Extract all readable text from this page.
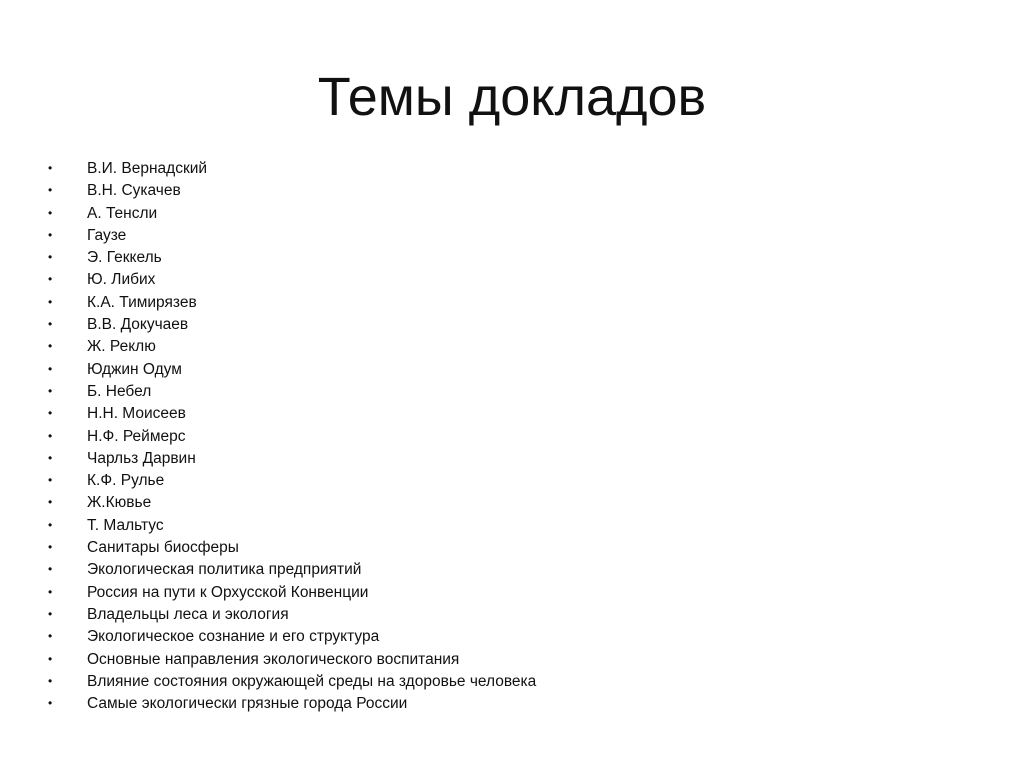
Темы докладов
•	В.И. Вернадский
•	В.Н. Сукачев
•	А. Тенсли
•	Гаузе
•	Э. Геккель
•	Ю. Либих
•	К.А. Тимирязев
•	В.В. Докучаев
•	Ж. Реклю
•	Юджин Одум
•	Б. Небел
•	Н.Н. Моисеев
•	Н.Ф. Реймерс
•	Чарльз Дарвин
•	К.Ф. Рулье
•	Ж.Кювье
•	Т. Мальтус
•	Санитары биосферы
•	Экологическая политика предприятий
•	Россия на пути к Орхусской Конвенции
•	Владельцы леса и экология
•	Экологическое сознание и его структура
•	Основные направления экологического воспитания
•	Влияние состояния окружающей среды на здоровье человека
•	Самые экологически грязные города России
